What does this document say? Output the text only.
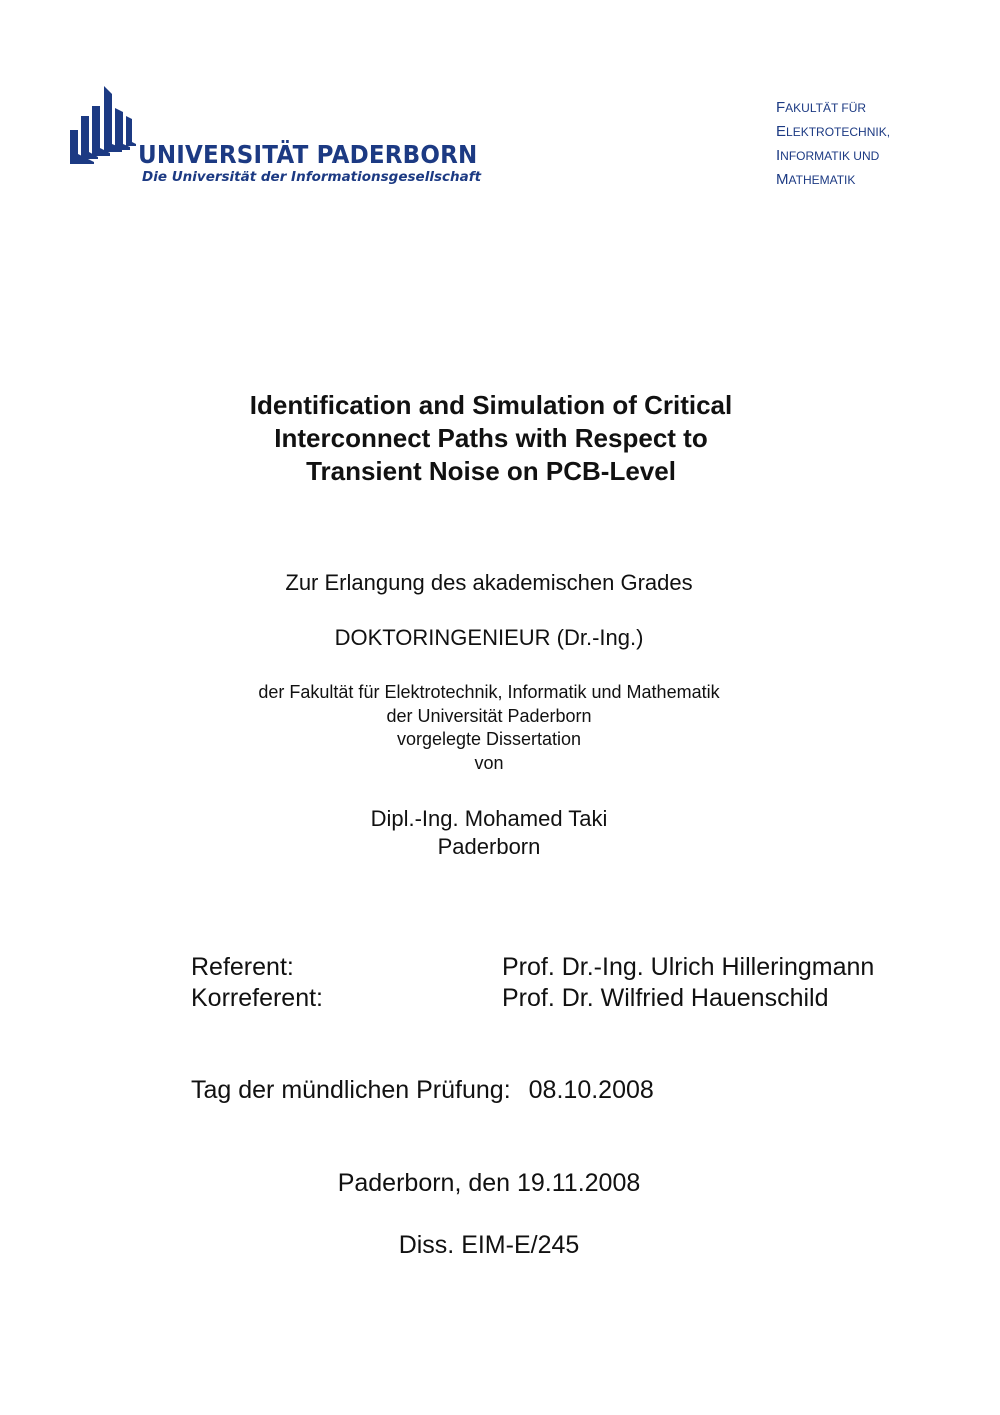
UNIVERSITÄT PADERBORN
Die Universität der Informationsgesellschaft
FAKULTÄT FÜR
ELEKTROTECHNIK,
INFORMATIK UND
MATHEMATIK
Identification and Simulation of Critical
Interconnect Paths with Respect to
Transient Noise on PCB-Level
Zur Erlangung des akademischen Grades
DOKTORINGENIEUR (Dr.-Ing.)
der Fakultät für Elektrotechnik, Informatik und Mathematik
der Universität Paderborn
vorgelegte Dissertation
von
Dipl.-Ing. Mohamed Taki
Paderborn
Referent:	Prof. Dr.-Ing. Ulrich Hilleringmann
Korreferent:	Prof. Dr. Wilfried Hauenschild
Tag der mündlichen Prüfung: 08.10.2008
Paderborn, den 19.11.2008
Diss. EIM-E/245
